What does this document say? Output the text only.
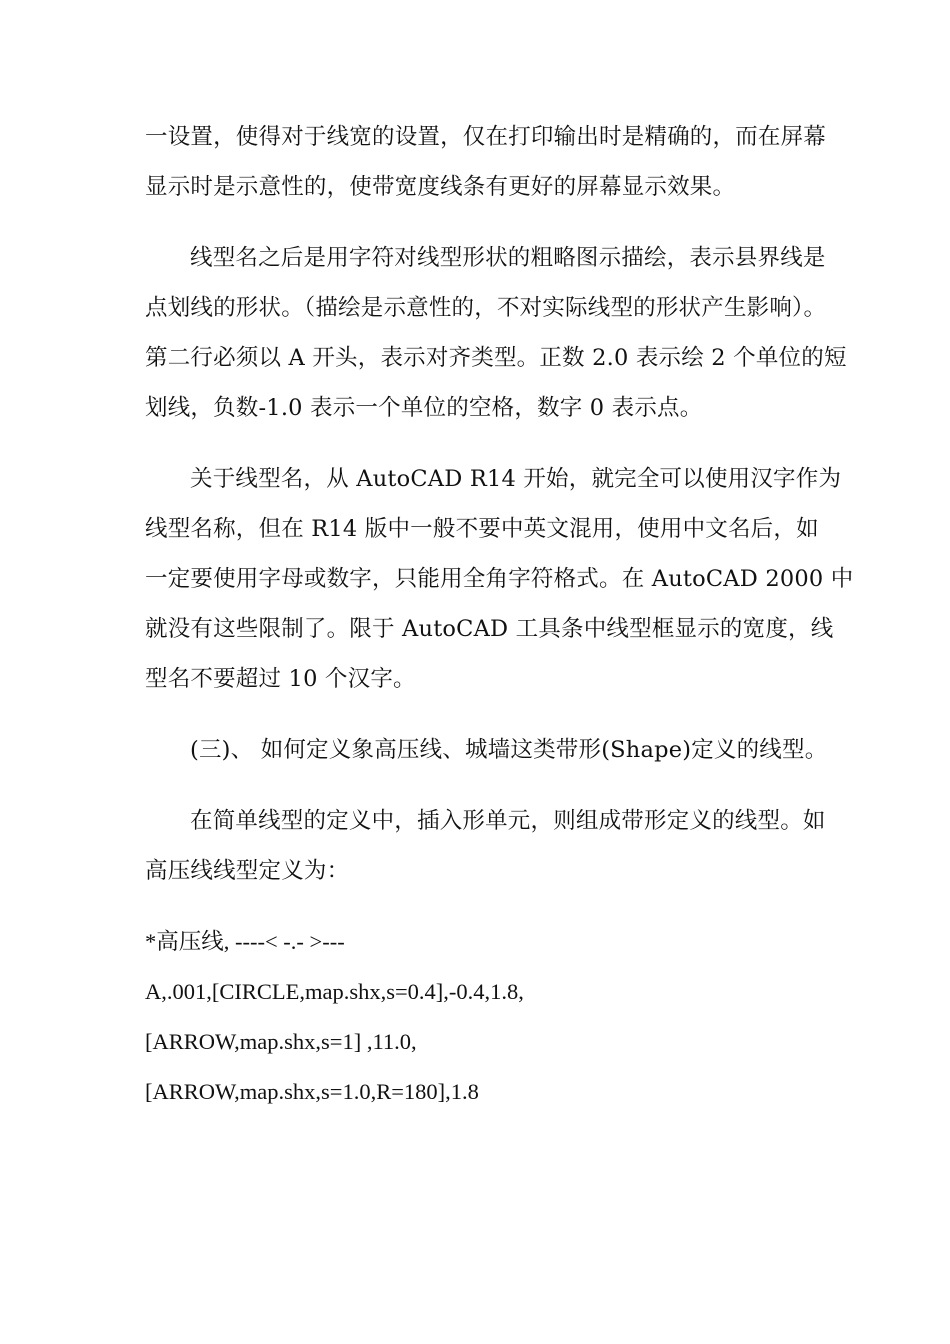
一设置，使得对于线宽的设置，仅在打印输出时是精确的，而在屏幕
显示时是示意性的，使带宽度线条有更好的屏幕显示效果。
线型名之后是用字符对线型形状的粗略图示描绘，表示县界线是
点划线的形状。（描绘是示意性的，不对实际线型的形状产生影响）。
第二行必须以 A 开头，表示对齐类型。正数 2.0 表示绘 2 个单位的短
划线，负数-1.0 表示一个单位的空格，数字 0 表示点。
关于线型名，从 AutoCAD R14 开始，就完全可以使用汉字作为
线型名称，但在 R14 版中一般不要中英文混用，使用中文名后，如
一定要使用字母或数字，只能用全角字符格式。在 AutoCAD 2000 中
就没有这些限制了。限于 AutoCAD 工具条中线型框显示的宽度，线
型名不要超过 10 个汉字。
(三)、 如何定义象高压线、城墙这类带形(Shape)定义的线型。
在简单线型的定义中，插入形单元，则组成带形定义的线型。如
高压线线型定义为：
*高压线, ----< -.- >---
A,.001,[CIRCLE,map.shx,s=0.4],-0.4,1.8,
[ARROW,map.shx,s=1] ,11.0,
[ARROW,map.shx,s=1.0,R=180],1.8
